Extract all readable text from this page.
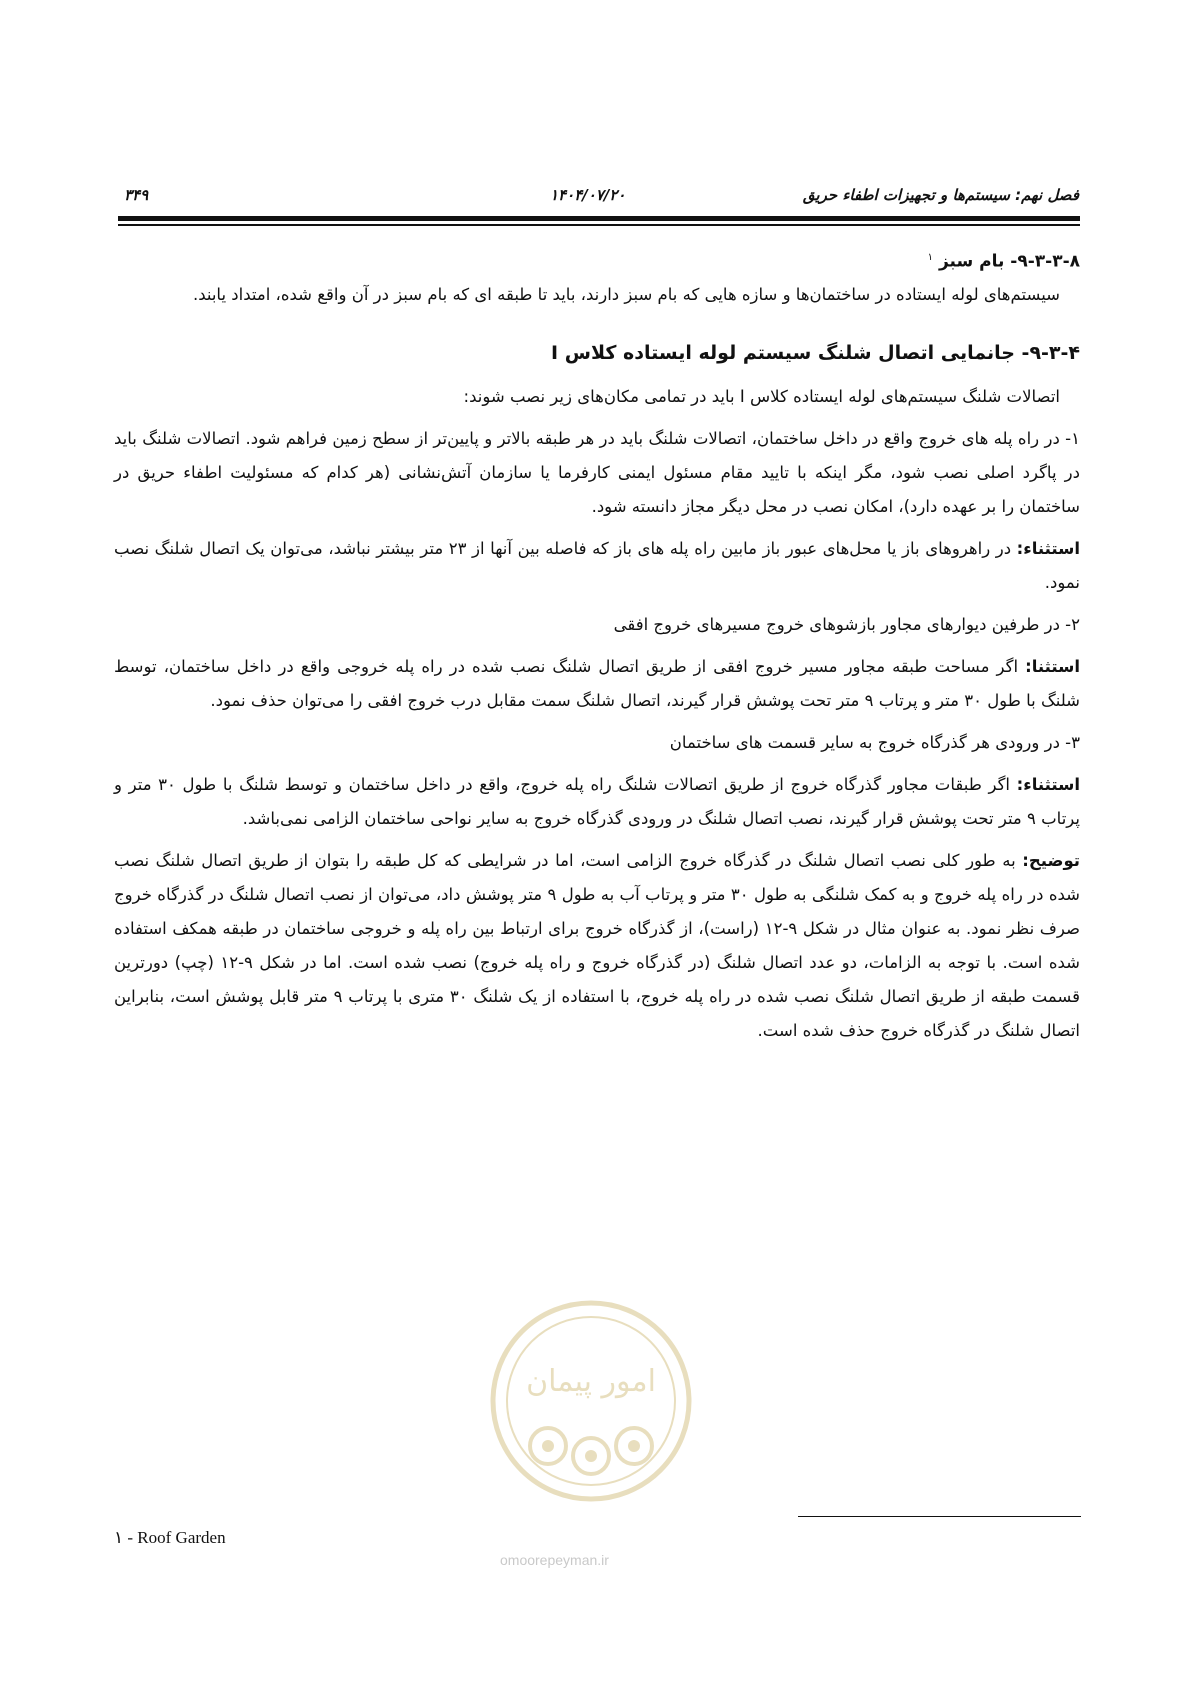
فصل نهم: سیستم‌ها و تجهیزات اطفاء حریق
۱۴۰۴/۰۷/۲۰
۳۴۹
۹-۳-۳-۸- بام سبز $^۱$

سیستم‌های لوله ایستاده در ساختمان‌ها و سازه هایی که بام سبز دارند، باید تا طبقه ای که بام سبز در آن واقع شده، امتداد یابند.

۹-۳-۴- جانمایی اتصال شلنگ سیستم لوله ایستاده کلاس I

اتصالات شلنگ سیستم‌های لوله ایستاده کلاس I باید در تمامی مکان‌های زیر نصب شوند:

۱- در راه پله های خروج واقع در داخل ساختمان، اتصالات شلنگ باید در هر طبقه بالاتر و پایین‌تر از سطح زمین فراهم شود. اتصالات شلنگ باید در پاگرد اصلی نصب شود، مگر اینکه با تایید مقام مسئول ایمنی کارفرما یا سازمان آتش‌نشانی (هر کدام که مسئولیت اطفاء حریق در ساختمان را بر عهده دارد)، امکان نصب در محل دیگر مجاز دانسته شود.

استثناء: در راهروهای باز یا محل‌های عبور باز مابین راه پله های باز که فاصله بین آنها از ۲۳ متر بیشتر نباشد، می‌توان یک اتصال شلنگ نصب نمود.

۲- در طرفین دیوارهای مجاور بازشوهای خروج مسیرهای خروج افقی

استثنا: اگر مساحت طبقه مجاور مسیر خروج افقی از طریق اتصال شلنگ نصب شده در راه پله خروجی واقع در داخل ساختمان، توسط شلنگ با طول ۳۰ متر و پرتاب ۹ متر تحت پوشش قرار گیرند، اتصال شلنگ سمت مقابل درب خروج افقی را می‌توان حذف نمود.

۳- در ورودی هر گذرگاه خروج به سایر قسمت های ساختمان

استثناء: اگر طبقات مجاور گذرگاه خروج از طریق اتصالات شلنگ راه پله خروج، واقع در داخل ساختمان و توسط شلنگ با طول ۳۰ متر و پرتاب ۹ متر تحت پوشش قرار گیرند، نصب اتصال شلنگ در ورودی گذرگاه خروج به سایر نواحی ساختمان الزامی نمی‌باشد.

توضیح: به طور کلی نصب اتصال شلنگ در گذرگاه خروج الزامی است، اما در شرایطی که کل طبقه را بتوان از طریق اتصال شلنگ نصب شده در راه پله خروج و به کمک شلنگی به طول ۳۰ متر و پرتاب آب به طول ۹ متر پوشش داد، می‌توان از نصب اتصال شلنگ در گذرگاه خروج صرف نظر نمود. به عنوان مثال در شکل ۹-۱۲ (راست)، از گذرگاه خروج برای ارتباط بین راه پله و خروجی ساختمان در طبقه همکف استفاده شده است. با توجه به الزامات، دو عدد اتصال شلنگ (در گذرگاه خروج و راه پله خروج) نصب شده است. اما در شکل ۹-۱۲ (چپ) دورترین قسمت طبقه از طریق اتصال شلنگ نصب شده در راه پله خروج، با استفاده از یک شلنگ ۳۰ متری با پرتاب ۹ متر قابل پوشش است، بنابراین اتصال شلنگ در گذرگاه خروج حذف شده است.

امور پیمان
omoorepeyman.ir
۱ - Roof Garden
